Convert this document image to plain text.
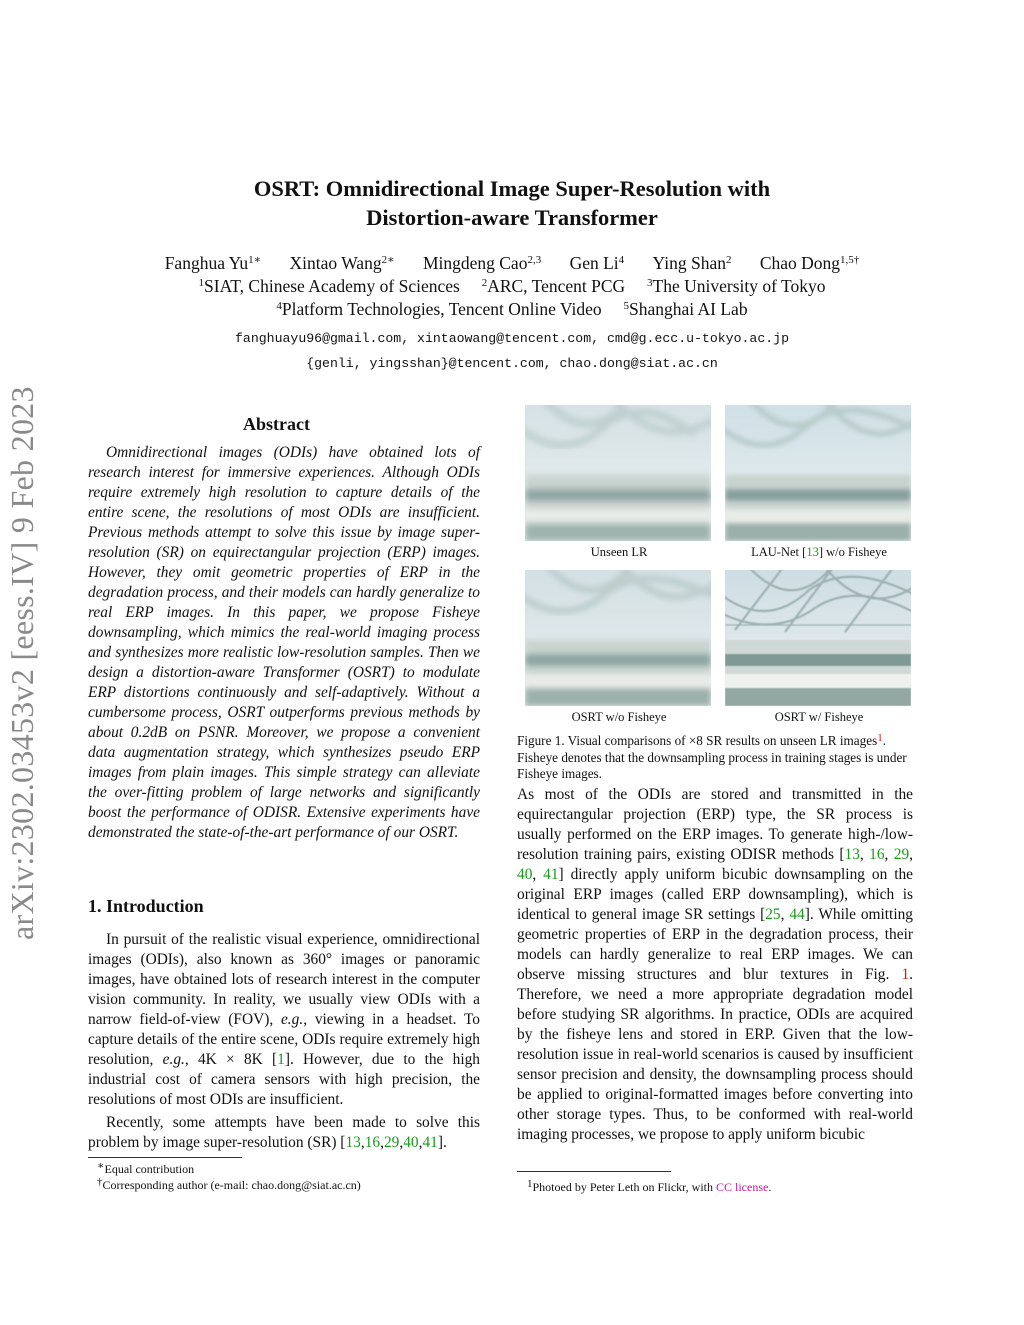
arXiv:2302.03453v2 [eess.IV] 9 Feb 2023
OSRT: Omnidirectional Image Super-Resolution with
Distortion-aware Transformer
Fanghua $Yu^{1∗}$ Xintao Wang$^{2∗}$ Mingdeng Cao$^{2,3}$ Gen Li$^4$ Ying Shan$^2$ Chao Dong$^{1,5\dagger}$
$^1$SIAT, Chinese Academy of Sciences $^2$ARC, Tencent PCG $^3$The University of Tokyo
$^4$Platform Technologies, Tencent Online Video $^5$Shanghai AI Lab
fanghuayu96@gmail.com, xintaowang@tencent.com, cmd@g.ecc.u-tokyo.ac.jp
{genli, yingsshan}@tencent.com, chao.dong@siat.ac.cn
Abstract

Omnidirectional images (ODIs) have obtained lots of research interest for immersive experiences. Although ODIs require extremely high resolution to capture details of the entire scene, the resolutions of most ODIs are insufficient. Previous methods attempt to solve this issue by image super-resolution (SR) on equirectangular projection (ERP) images. However, they omit geometric properties of ERP in the degradation process, and their models can hardly generalize to real ERP images. In this paper, we propose Fisheye downsampling, which mimics the real-world imaging process and synthesizes more realistic low-resolution samples. Then we design a distortion-aware Transformer (OSRT) to modulate ERP distortions continuously and self-adaptively. Without a cumbersome process, OSRT outperforms previous methods by about 0.2dB on PSNR. Moreover, we propose a convenient data augmentation strategy, which synthesizes pseudo ERP images from plain images. This simple strategy can alleviate the over-fitting problem of large networks and significantly boost the performance of ODISR. Extensive experiments have demonstrated the state-of-the-art performance of our OSRT.

1. Introduction

In pursuit of the realistic visual experience, omnidirectional images (ODIs), also known as 360° images or panoramic images, have obtained lots of research interest in the computer vision community. In reality, we usually view ODIs with a narrow field-of-view (FOV), e.g., viewing in a headset. To capture details of the entire scene, ODIs require extremely high resolution, e.g., 4K × 8K [1]. However, due to the high industrial cost of camera sensors with high precision, the resolutions of most ODIs are insufficient.

Recently, some attempts have been made to solve this problem by image super-resolution (SR) [13,16,29,40,41].

∗Equal contribution
†Corresponding author (e-mail: chao.dong@siat.ac.cn)
Unseen LR	LAU-Net [13] w/o Fisheye
OSRT w/o Fisheye	OSRT w/ Fisheye
Figure 1. Visual comparisons of ×8 SR results on unseen LR images$^1$. Fisheye denotes that the downsampling process in training stages is under Fisheye images.

As most of the ODIs are stored and transmitted in the equirectangular projection (ERP) type, the SR process is usually performed on the ERP images. To generate high-/low-resolution training pairs, existing ODISR methods [13, 16, 29, 40, 41] directly apply uniform bicubic downsampling on the original ERP images (called ERP downsampling), which is identical to general image SR settings [25, 44]. While omitting geometric properties of ERP in the degradation process, their models can hardly generalize to real ERP images. We can observe missing structures and blur textures in Fig. 1. Therefore, we need a more appropriate degradation model before studying SR algorithms. In practice, ODIs are acquired by the fisheye lens and stored in ERP. Given that the low-resolution issue in real-world scenarios is caused by insufficient sensor precision and density, the downsampling process should be applied to original-formatted images before converting into other storage types. Thus, to be conformed with real-world imaging processes, we propose to apply uniform bicubic

$^1$Photoed by Peter Leth on Flickr, with CC license.
